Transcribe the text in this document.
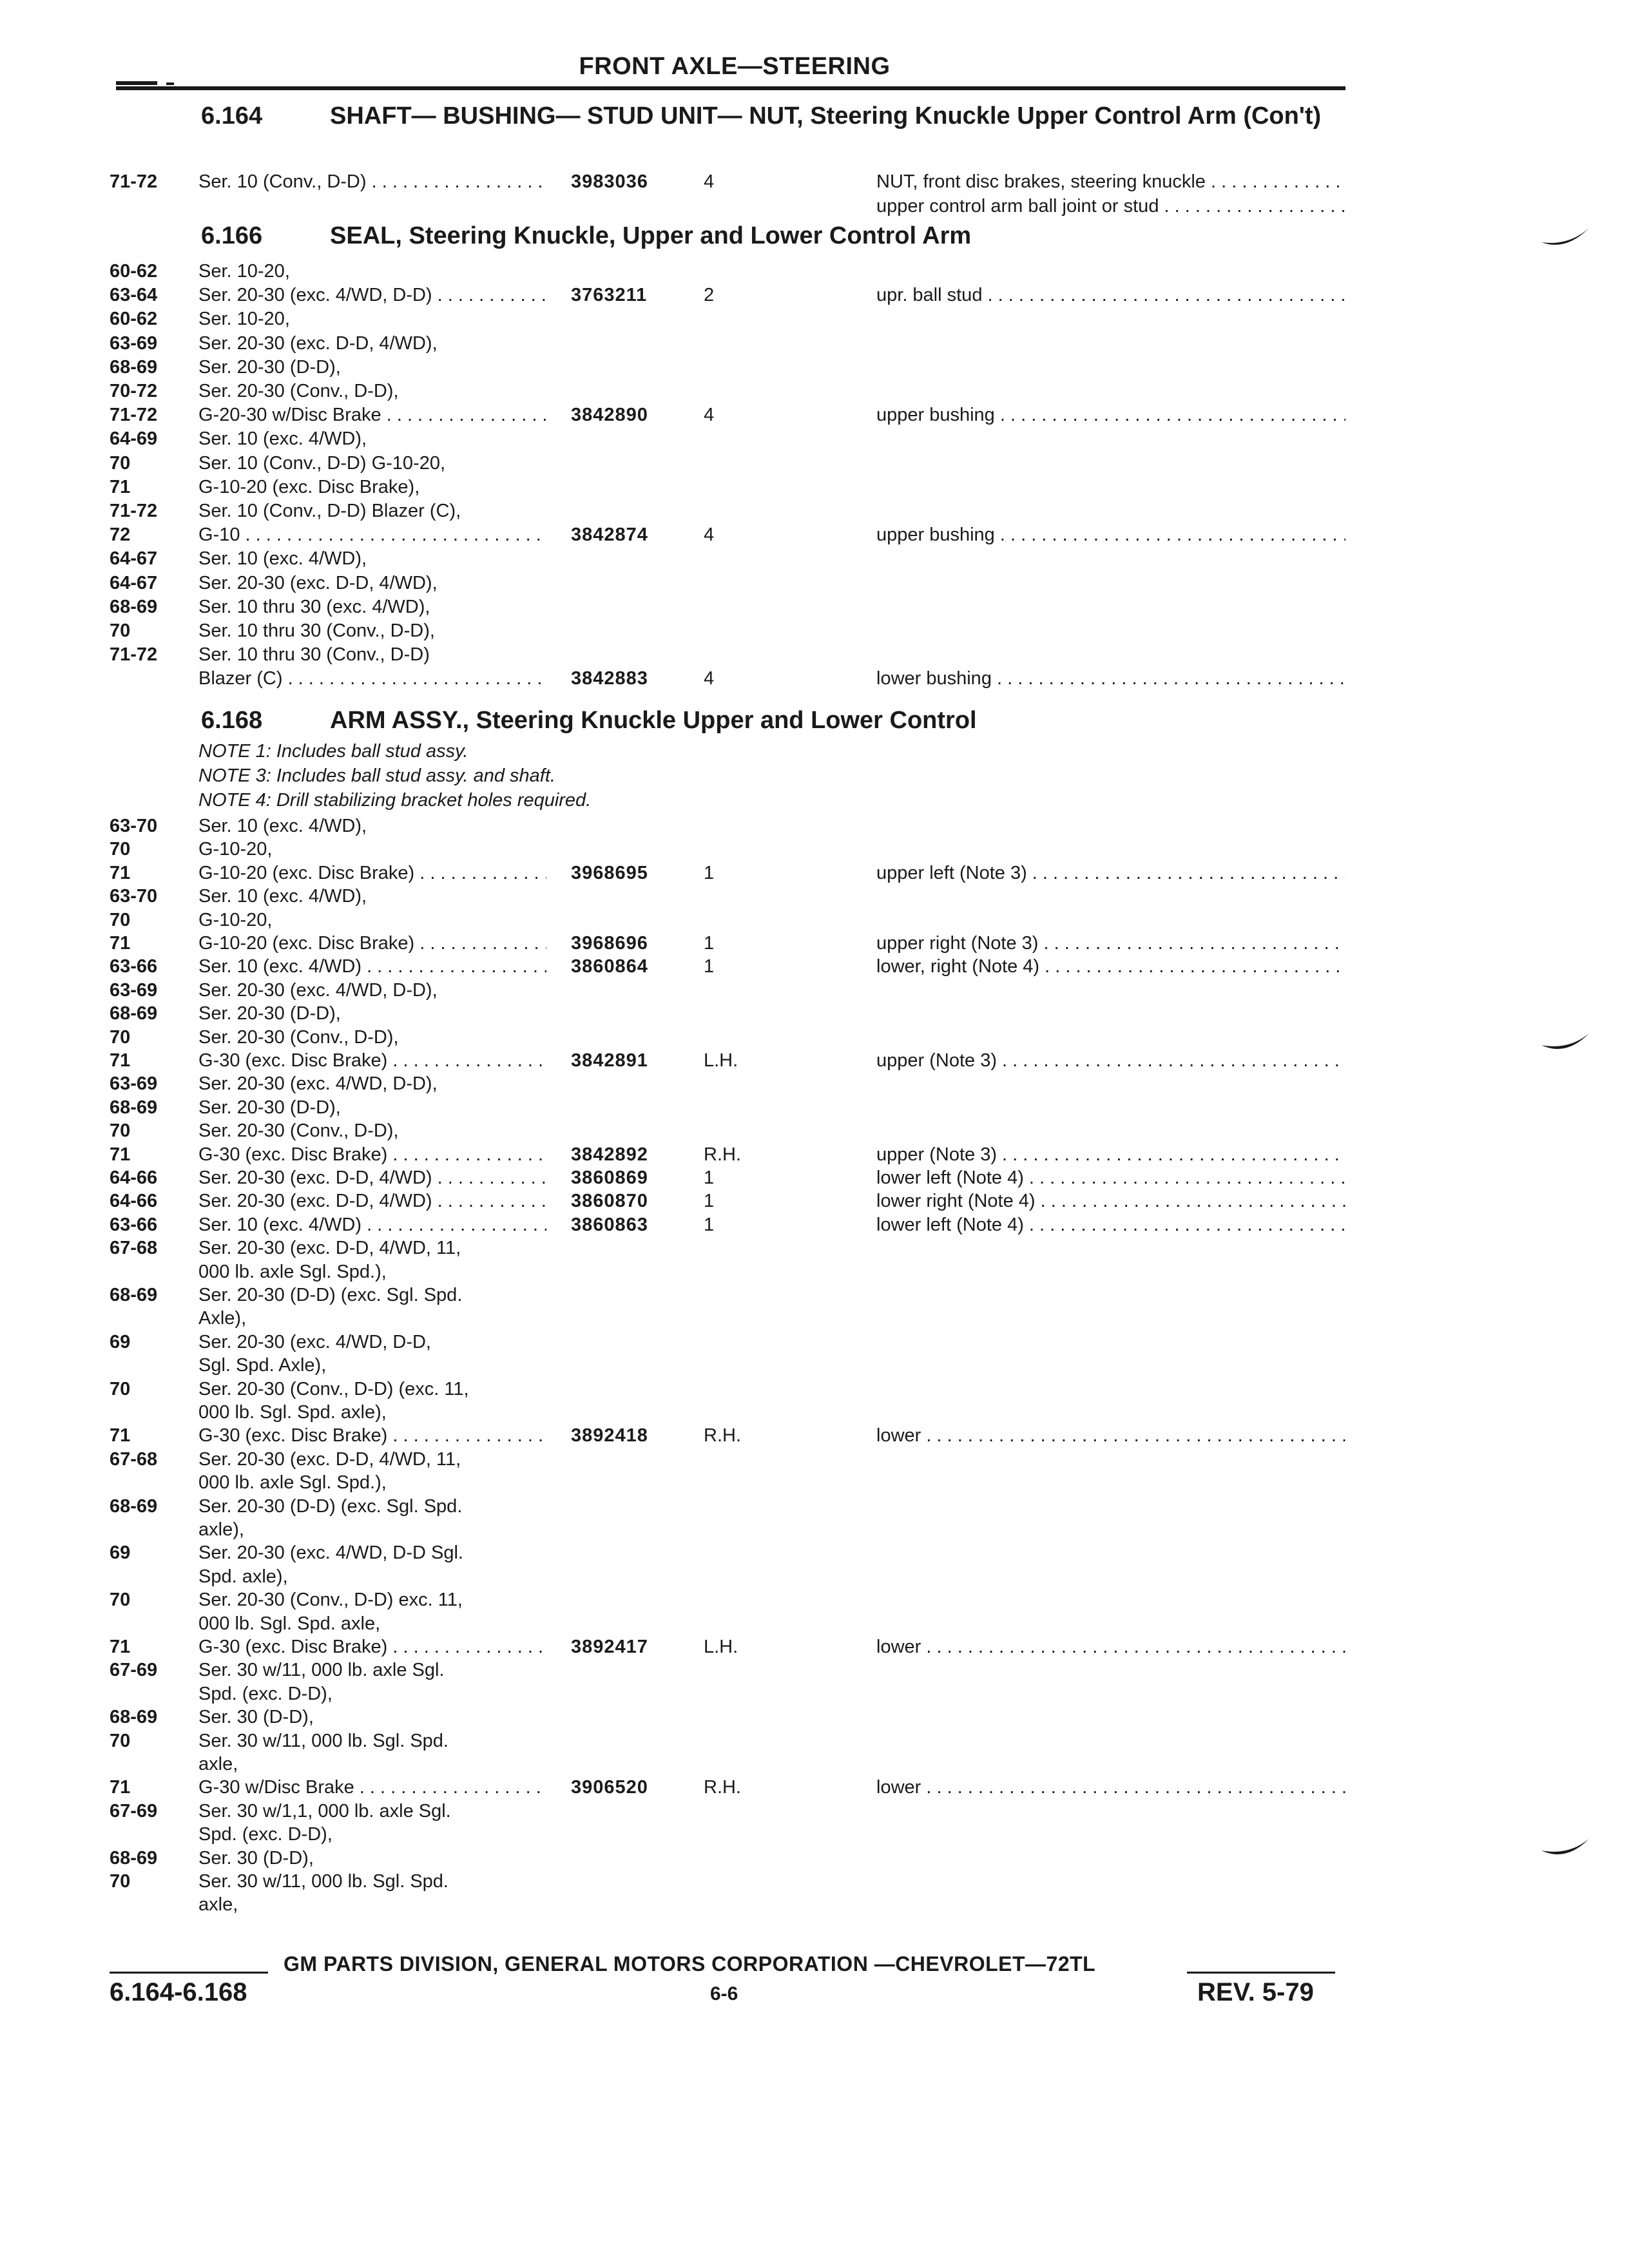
FRONT AXLE—STEERING
6.164	SHAFT— BUSHING— STUD UNIT— NUT, Steering Knuckle Upper Control Arm (Con't)
6.166	SEAL, Steering Knuckle, Upper and Lower Control Arm
6.168	ARM ASSY., Steering Knuckle Upper and Lower Control
NOTE 1: Includes ball stud assy.
NOTE 3: Includes ball stud assy. and shaft.
NOTE 4: Drill stabilizing bracket holes required.
71-72	Ser. 10 (Conv., D-D) . . .	3983036	4	NUT, front disc brakes, steering knuckle . . .
upper control arm ball joint or stud . . .
60-62	Ser. 10-20,
63-64	Ser. 20-30 (exc. 4/WD, D-D) . . .	3763211	2	upr. ball stud . . .
60-62	Ser. 10-20,
63-69	Ser. 20-30 (exc. D-D, 4/WD),
68-69	Ser. 20-30 (D-D),
70-72	Ser. 20-30 (Conv., D-D),
71-72	G-20-30 w/Disc Brake . . .	3842890	4	upper bushing . . .
64-69	Ser. 10 (exc. 4/WD),
70	Ser. 10 (Conv., D-D) G-10-20,
71	G-10-20 (exc. Disc Brake),
71-72	Ser. 10 (Conv., D-D) Blazer (C),
72	G-10 . . .	3842874	4	upper bushing . . .
64-67	Ser. 10 (exc. 4/WD),
64-67	Ser. 20-30 (exc. D-D, 4/WD),
68-69	Ser. 10 thru 30 (exc. 4/WD),
70	Ser. 10 thru 30 (Conv., D-D),
71-72	Ser. 10 thru 30 (Conv., D-D)
Blazer (C) . . .	3842883	4	lower bushing . . .
63-70	Ser. 10 (exc. 4/WD),
70	G-10-20,
71	G-10-20 (exc. Disc Brake) . . .	3968695	1	upper left (Note 3) . . .
63-70	Ser. 10 (exc. 4/WD),
70	G-10-20,
71	G-10-20 (exc. Disc Brake) . . .	3968696	1	upper right (Note 3) . . .
63-66	Ser. 10 (exc. 4/WD) . . .	3860864	1	lower, right (Note 4) . . .
63-69	Ser. 20-30 (exc. 4/WD, D-D),
68-69	Ser. 20-30 (D-D),
70	Ser. 20-30 (Conv., D-D),
71	G-30 (exc. Disc Brake) . . .	3842891	L.H.	upper (Note 3) . . .
63-69	Ser. 20-30 (exc. 4/WD, D-D),
68-69	Ser. 20-30 (D-D),
70	Ser. 20-30 (Conv., D-D),
71	G-30 (exc. Disc Brake) . . .	3842892	R.H.	upper (Note 3) . . .
64-66	Ser. 20-30 (exc. D-D, 4/WD) . . .	3860869	1	lower left (Note 4) . . .
64-66	Ser. 20-30 (exc. D-D, 4/WD) . . .	3860870	1	lower right (Note 4) . . .
63-66	Ser. 10 (exc. 4/WD) . . .	3860863	1	lower left (Note 4) . . .
67-68	Ser. 20-30 (exc. D-D, 4/WD, 11,
000 lb. axle Sgl. Spd.),
68-69	Ser. 20-30 (D-D) (exc. Sgl. Spd.
Axle),
69	Ser. 20-30 (exc. 4/WD, D-D,
Sgl. Spd. Axle),
70	Ser. 20-30 (Conv., D-D) (exc. 11,
000 lb. Sgl. Spd. axle),
71	G-30 (exc. Disc Brake) . . .	3892418	R.H.	lower . . .
67-68	Ser. 20-30 (exc. D-D, 4/WD, 11,
000 lb. axle Sgl. Spd.),
68-69	Ser. 20-30 (D-D) (exc. Sgl. Spd.
axle),
69	Ser. 20-30 (exc. 4/WD, D-D Sgl.
Spd. axle),
70	Ser. 20-30 (Conv., D-D) exc. 11,
000 lb. Sgl. Spd. axle,
71	G-30 (exc. Disc Brake) . . .	3892417	L.H.	lower . . .
67-69	Ser. 30 w/11, 000 lb. axle Sgl.
Spd. (exc. D-D),
68-69	Ser. 30 (D-D),
70	Ser. 30 w/11, 000 lb. Sgl. Spd.
axle,
71	G-30 w/Disc Brake . . .	3906520	R.H.	lower . . .
67-69	Ser. 30 w/1,1, 000 lb. axle Sgl.
Spd. (exc. D-D),
68-69	Ser. 30 (D-D),
70	Ser. 30 w/11, 000 lb. Sgl. Spd.
axle,
GM PARTS DIVISION, GENERAL MOTORS CORPORATION —CHEVROLET—72TL
6.164-6.168	6-6	REV. 5-79
